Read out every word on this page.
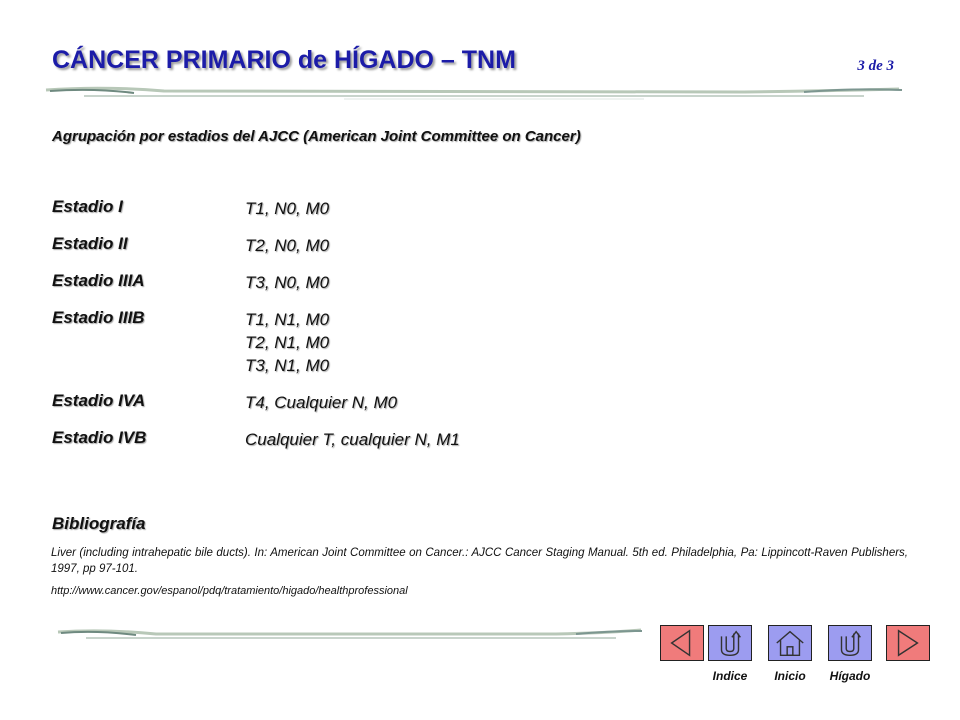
CÁNCER PRIMARIO de HÍGADO – TNM	3 de 3
Agrupación por estadios del AJCC (American Joint Committee on Cancer)
Estadio I	T1, N0, M0
Estadio II	T2, N0, M0
Estadio IIIA	T3, N0, M0
Estadio IIIB	T1, N1, M0
T2, N1, M0
T3, N1, M0
Estadio IVA	T4, Cualquier N, M0
Estadio IVB	Cualquier T, cualquier N, M1
Bibliografía
Liver (including intrahepatic bile ducts). In: American Joint Committee on Cancer.: AJCC Cancer Staging Manual. 5th ed. Philadelphia, Pa: Lippincott-Raven Publishers, 1997, pp 97-101.
http://www.cancer.gov/espanol/pdq/tratamiento/higado/healthprofessional
Indice	Inicio	Hígado
